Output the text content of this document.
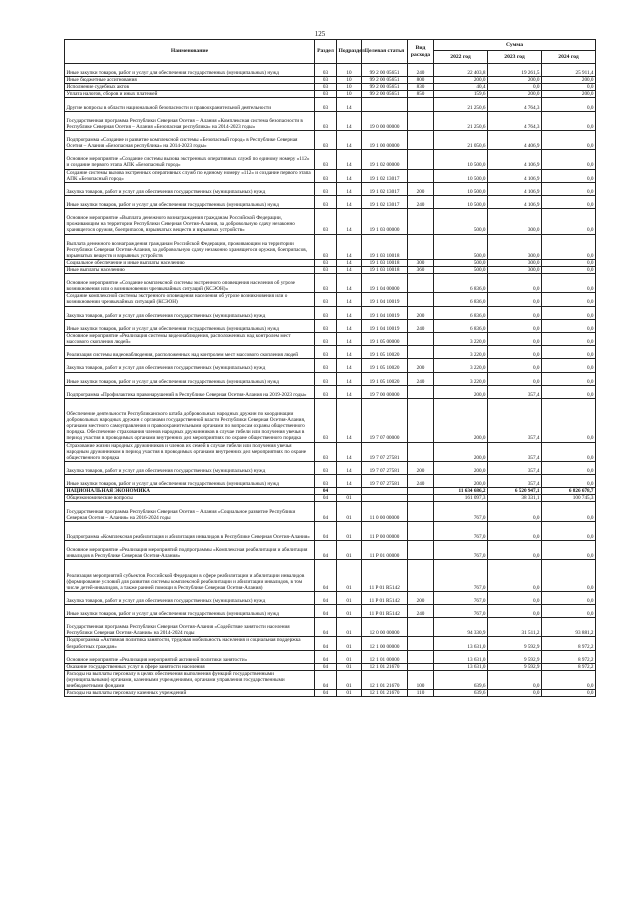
125
Наименование	Раздел	Подраздел	Целевая статья	Вид расхода	Сумма		
					2022 год	2023 год	2024 год
Иные закупки товаров, работ и услуг для обеспечения государственных (муниципальных) нужд	03	10	99 2 00 05651	240	22 403,8	19 261,5	25 911,4
Иные бюджетные ассигнования	03	10	99 2 00 05651	800	200,0	200,0	200,0
Исполнение судебных актов	03	10	99 2 00 05651	830	40,4	0,0	0,0
Уплата налогов, сборов и иных платежей	03	10	99 2 00 05651	850	159,6	200,0	200,0
Другие вопросы в области национальной безопасности и правоохранительной деятельности	03	14			21 250,6	4 764,3	0,0
Государственная программа Республики Северная Осетия – Алания «Комплексная система безопасности в Республике Северная Осетия – Алания «Безопасная республика» на 2014-2023 годы»	03	14	19 0 00 00000		21 250,6	4 764,3	0,0
Подпрограмма «Создание и развитие комплексной системы «Безопасный город» в Республике Северная Осетия – Алания «Безопасная республика» на 2014-2023 годы»	03	14	19 1 00 00000		21 050,6	4 406,9	0,0
Основное мероприятие «Создание системы вызова экстренных оперативных служб по единому номеру «112» и создание первого этапа АПК «Безопасный город»	03	14	19 1 02 00000		10 500,0	4 106,9	0,0
Создание системы вызова экстренных оперативных служб по единому номеру «112» и создание первого этапа АПК «Безопасный город»	03	14	19 1 02 13017		10 500,0	4 106,9	0,0
Закупка товаров, работ и услуг для обеспечения государственных (муниципальных) нужд	03	14	19 1 02 13017	200	10 500,0	4 106,9	0,0
Иные закупки товаров, работ и услуг для обеспечения государственных (муниципальных) нужд	03	14	19 1 02 13017	240	10 500,0	4 106,9	0,0
Основное мероприятие «Выплата денежного вознаграждения гражданам Российской Федерации, проживающим на территории Республики Северная Осетия-Алания, за добровольную сдачу незаконно хранящегося оружия, боеприпасов, взрывчатых веществ и взрывных устройств»	03	14	19 1 03 00000		500,0	300,0	0,0
Выплата денежного вознаграждения гражданам Российской Федерации, проживающим на территории Республики Северная Осетия-Алания, за добровольную сдачу незаконно хранящегося оружия, боеприпасов, взрывчатых веществ и взрывных устройств	03	14	19 1 03 10018		500,0	300,0	0,0
Социальное обеспечение и иные выплаты населению	03	14	19 1 03 10018	300	500,0	300,0	0,0
Иные выплаты населению	03	14	19 1 03 10018	360	500,0	300,0	0,0
Основное мероприятие «Создание комплексной системы экстренного оповещения населения об угрозе возникновения или о возникновении чрезвычайных ситуаций (КСЭОН)»	03	14	19 1 04 00000		6 836,0	0,0	0,0
Создание комплексной системы экстренного оповещения населения об угрозе возникновения или о возникновении чрезвычайных ситуаций (КСЭОН)	03	14	19 1 04 10019		6 836,0	0,0	0,0
Закупка товаров, работ и услуг для обеспечения государственных (муниципальных) нужд	03	14	19 1 04 10019	200	6 836,0	0,0	0,0
Иные закупки товаров, работ и услуг для обеспечения государственных (муниципальных) нужд	03	14	19 1 04 10019	240	6 836,0	0,0	0,0
Основное мероприятие «Реализация системы видеонаблюдения, расположенных над контролем мест массового скопления людей»	03	14	19 1 05 00000		3 220,0	0,0	0,0
Реализация системы видеонаблюдения, расположенных над контролем мест массового скопления людей	03	14	19 1 05 10020		3 220,0	0,0	0,0
Закупка товаров, работ и услуг для обеспечения государственных (муниципальных) нужд	03	14	19 1 05 10020	200	3 220,0	0,0	0,0
Иные закупки товаров, работ и услуг для обеспечения государственных (муниципальных) нужд	03	14	19 1 05 10020	240	3 220,0	0,0	0,0
Подпрограмма «Профилактика правонарушений в Республике Северная Осетия-Алания на 2019-2023 годы»	03	14	19 7 00 00000		200,0	357,4	0,0
Обеспечение деятельности Республиканского штаба добровольных народных дружин по координации добровольных народных дружин с органами государственной власти Республики Северная Осетия-Алания, органами местного самоуправления и правоохранительными органами по вопросам охраны общественного порядка. Обеспечение страхования членов народных дружинников в случае гибели или получения увечья в период участия в проводимых органами внутренних дел мероприятиях по охране общественного порядка	03	14	19 7 07 00000		200,0	357,4	0,0
Страхование жизни народных дружинников и членов их семей в случае гибели или получения увечья народным дружинником в период участия в проводимых органами внутренних дел мероприятиях по охране общественного порядка	03	14	19 7 07 27581		200,0	357,4	0,0
Закупка товаров, работ и услуг для обеспечения государственных (муниципальных) нужд	03	14	19 7 07 27581	200	200,0	357,4	0,0
Иные закупки товаров, работ и услуг для обеспечения государственных (муниципальных) нужд	03	14	19 7 07 27581	240	200,0	357,4	0,0
НАЦИОНАЛЬНАЯ ЭКОНОМИКА	04				11 634 686,2	6 520 947,1	6 826 678,7
Общеэкономические вопросы	04	01			161 097,3	38 331,1	100 745,3
Государственная программа Республики Северная Осетия – Алания «Социальное развитие Республики Северная Осетия – Алания» на 2016-2024 годы	04	01	11 0 00 00000		767,0	0,0	0,0
Подпрограмма «Комплексная реабилитация и абилитация инвалидов в Республике Северная Осетия-Алания»	04	01	11 P 00 00000		767,0	0,0	0,0
Основное мероприятие «Реализация мероприятий подпрограммы «Комплексная реабилитация и абилитация инвалидов в Республике Северная Осетия-Алания»	04	01	11 P 01 00000		767,0	0,0	0,0
Реализация мероприятий субъектов Российской Федерации в сфере реабилитации и абилитации инвалидов (формирование условий для развития системы комплексной реабилитации и абилитации инвалидов, в том числе детей-инвалидов, а также ранней помощи в Республике Северная Осетия-Алания)	04	01	11 P 01 R5142		767,0	0,0	0,0
Закупка товаров, работ и услуг для обеспечения государственных (муниципальных) нужд	04	01	11 P 01 R5142	200	767,0	0,0	0,0
Иные закупки товаров, работ и услуг для обеспечения государственных (муниципальных) нужд	04	01	11 P 01 R5142	240	767,0	0,0	0,0
Государственная программа Республики Северная Осетия-Алания «Содействие занятости населения Республики Северная Осетия-Алания» на 2014-2024 годы	04	01	12 0 00 00000		94 330,9	31 511,2	93 881,2
Подпрограмма «Активная политика занятости, трудовая мобильность населения и социальная поддержка безработных граждан»	04	01	12 1 00 00000		13 631,0	9 592,9	8 972,2
Основное мероприятие «Реализация мероприятий активной политики занятости»	04	01	12 1 01 00000		13 631,0	9 592,9	8 972,2
Оказание государственных услуг в сфере занятости населения	04	01	12 1 01 21670		13 631,0	9 592,9	8 972,2
Расходы на выплаты персоналу в целях обеспечения выполнения функций государственными (муниципальными) органами, казенными учреждениями, органами управления государственными внебюджетными фондами	04	01	12 1 01 21670	100	639,6	0,0	0,0
Расходы на выплаты персоналу казенных учреждений	04	01	12 1 01 21670	110	639,6	0,0	0,0
